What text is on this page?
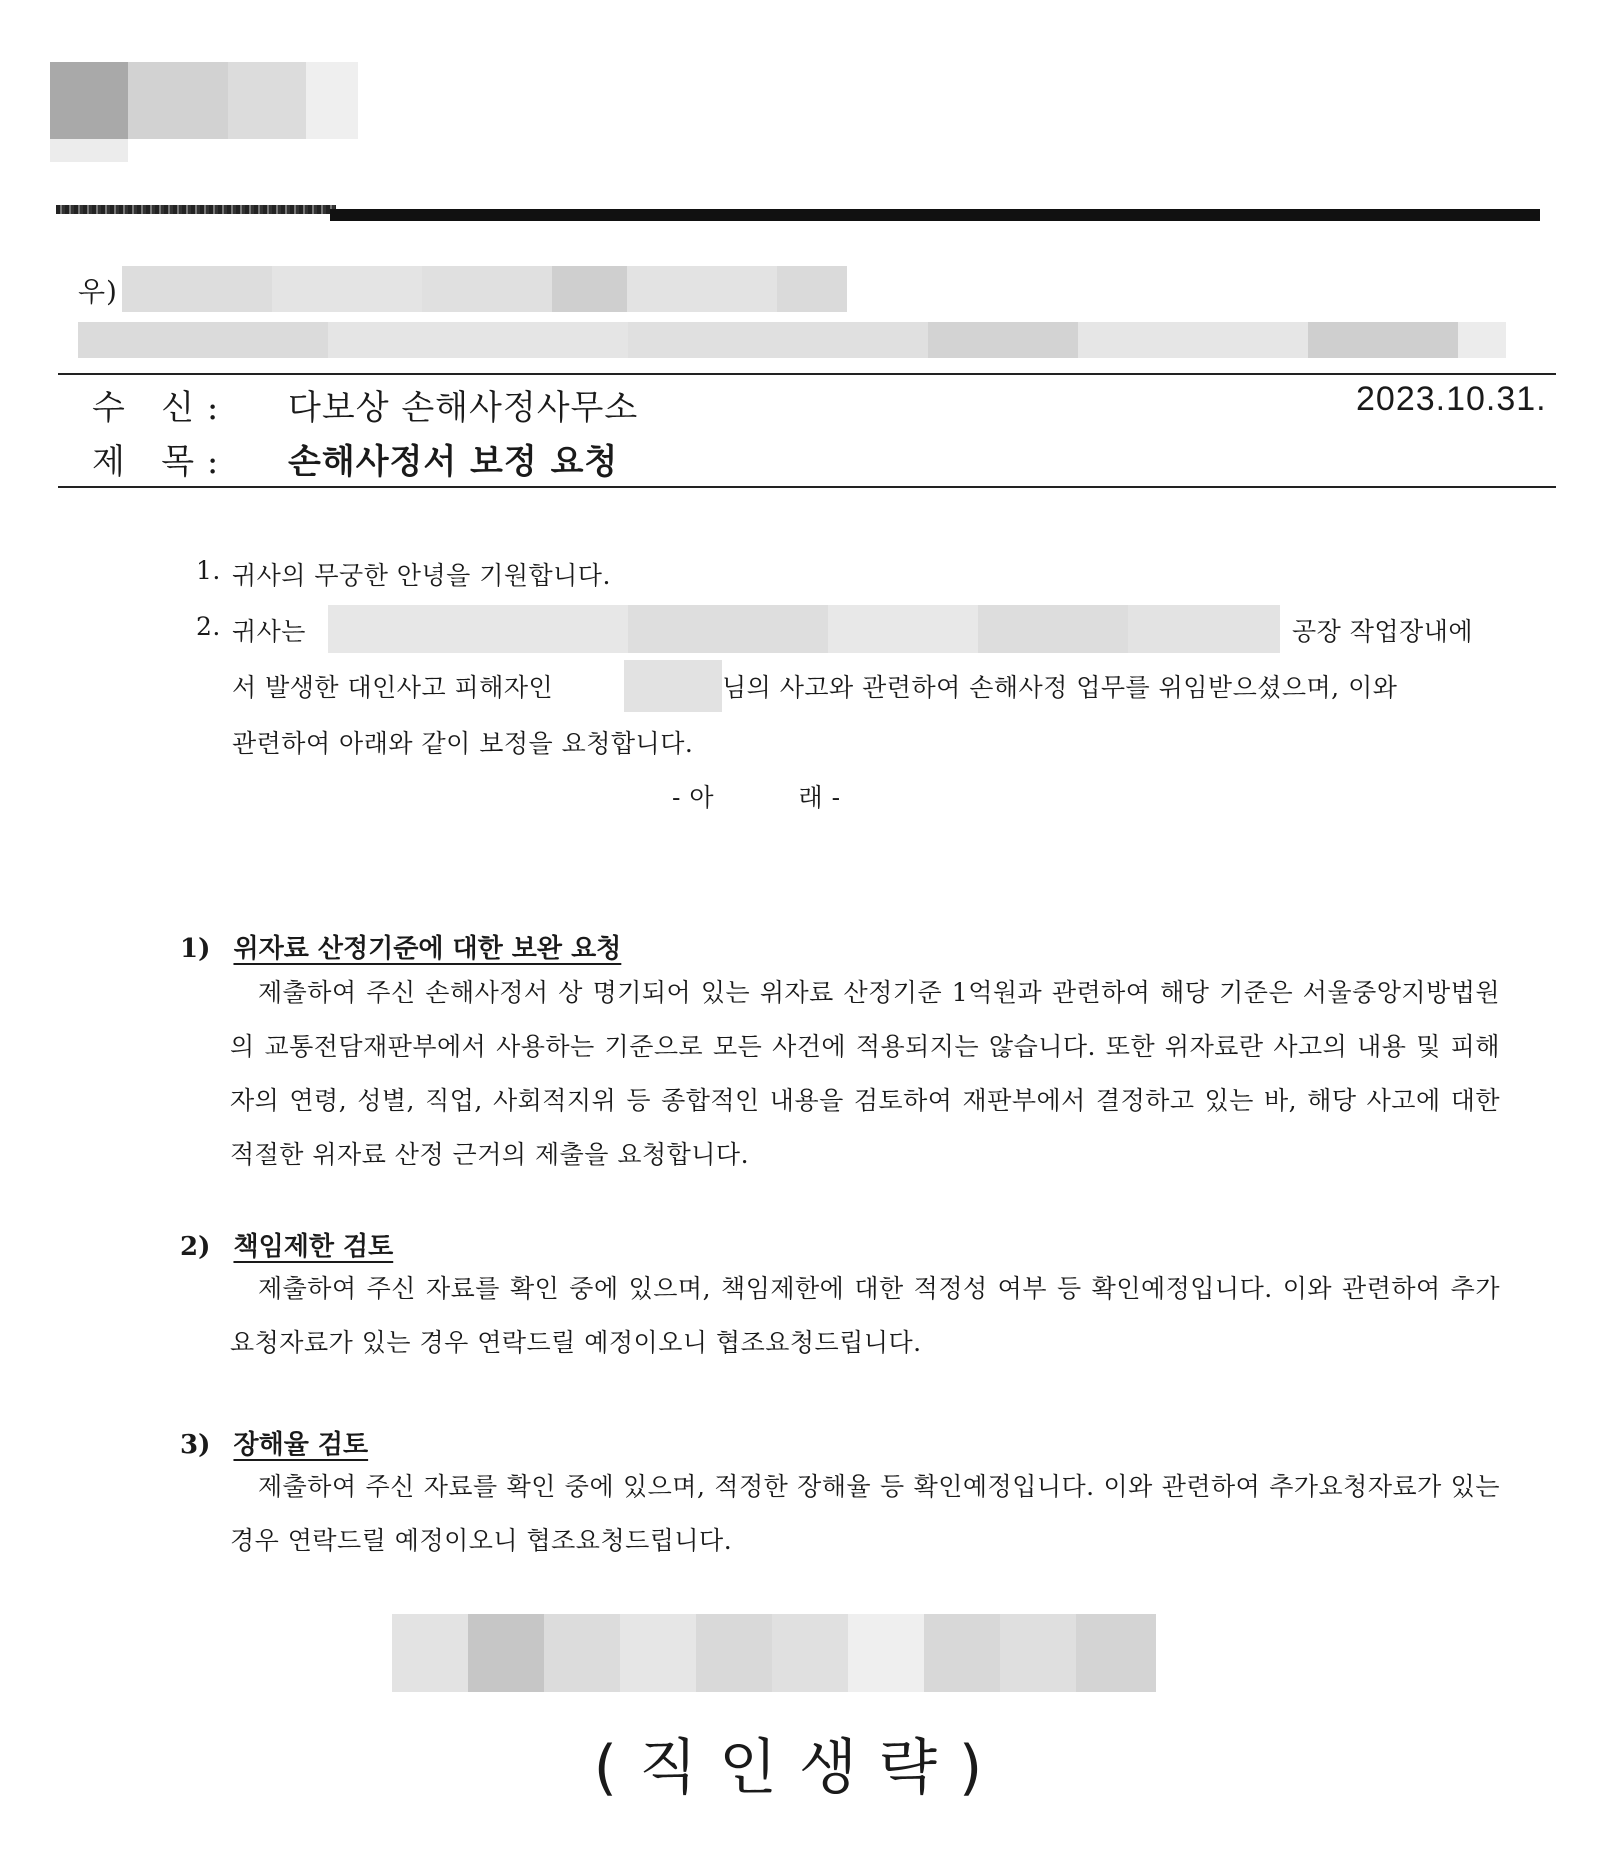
우)
수   신 : 다보상 손해사정사무소	2023.10.31.
제   목 : 손해사정서 보정 요청
1. 귀사의 무궁한 안녕을 기원합니다.
2. 귀사는	공장 작업장내에
서 발생한 대인사고 피해자인	님의 사고와 관련하여 손해사정 업무를 위임받으셨으며, 이와
관련하여 아래와 같이 보정을 요청합니다.
- 아          래 -
1) 위자료 산정기준에 대한 보완 요청
제출하여 주신 손해사정서 상 명기되어 있는 위자료 산정기준 1억원과 관련하여 해당 기준은 서울중앙지방법원의 교통전담재판부에서 사용하는 기준으로 모든 사건에 적용되지는 않습니다. 또한 위자료란 사고의 내용 및 피해자의 연령, 성별, 직업, 사회적지위 등 종합적인 내용을 검토하여 재판부에서 결정하고 있는 바, 해당 사고에 대한 적절한 위자료 산정 근거의 제출을 요청합니다.
2) 책임제한 검토
제출하여 주신 자료를 확인 중에 있으며, 책임제한에 대한 적정성 여부 등 확인예정입니다. 이와 관련하여 추가요청자료가 있는 경우 연락드릴 예정이오니 협조요청드립니다.
3) 장해율 검토
제출하여 주신 자료를 확인 중에 있으며, 적정한 장해율 등 확인예정입니다. 이와 관련하여 추가요청자료가 있는 경우 연락드릴 예정이오니 협조요청드립니다.
(직인생략)
